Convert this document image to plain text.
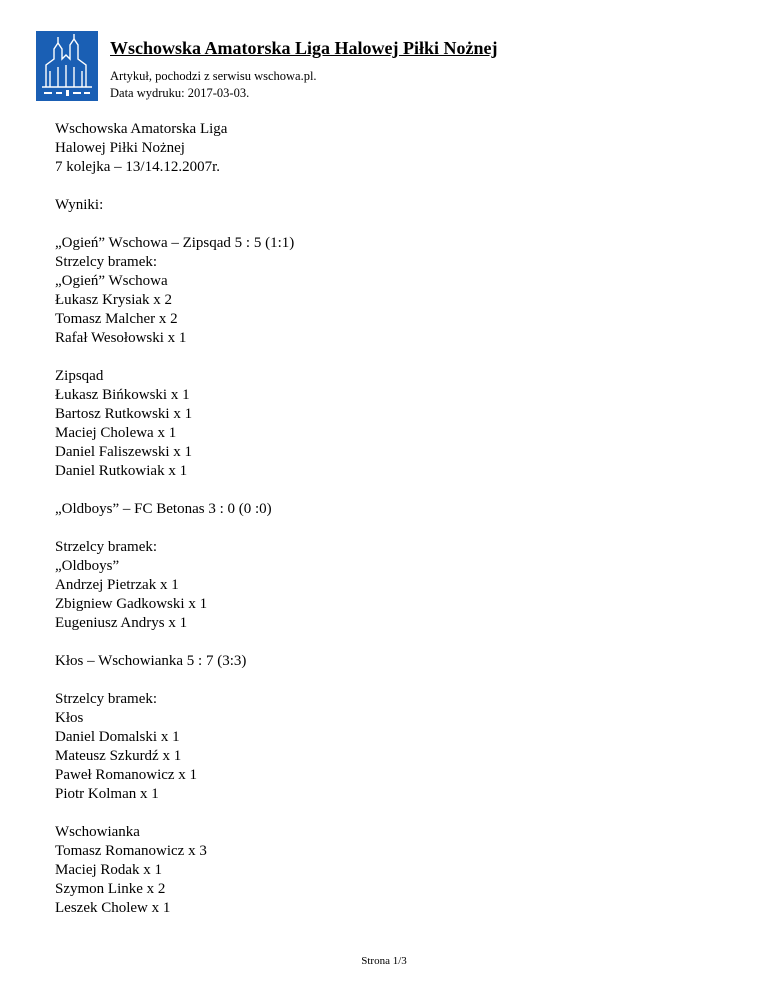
Wschowska Amatorska Liga Halowej Piłki Nożnej
Artykuł, pochodzi z serwisu wschowa.pl.
Data wydruku: 2017-03-03.
Wschowska Amatorska Liga
Halowej Piłki Nożnej
7 kolejka – 13/14.12.2007r.
Wyniki:
„Ogień” Wschowa – Zipsqad 5 : 5 (1:1)
Strzelcy bramek:
„Ogień” Wschowa
Łukasz Krysiak x 2
Tomasz Malcher x 2
Rafał Wesołowski x 1
Zipsqad
Łukasz Bińkowski x 1
Bartosz Rutkowski x 1
Maciej Cholewa x 1
Daniel Faliszewski x 1
Daniel Rutkowiak x 1
„Oldboys” – FC Betonas 3 : 0 (0 :0)
Strzelcy bramek:
„Oldboys”
Andrzej Pietrzak x 1
Zbigniew Gadkowski x 1
Eugeniusz Andrys x 1
Kłos – Wschowianka 5 : 7 (3:3)
Strzelcy bramek:
Kłos
Daniel Domalski x 1
Mateusz Szkurdź x 1
Paweł Romanowicz x 1
Piotr Kolman x 1
Wschowianka
Tomasz Romanowicz x 3
Maciej Rodak x 1
Szymon Linke x 2
Leszek Cholew x 1
Strona 1/3
